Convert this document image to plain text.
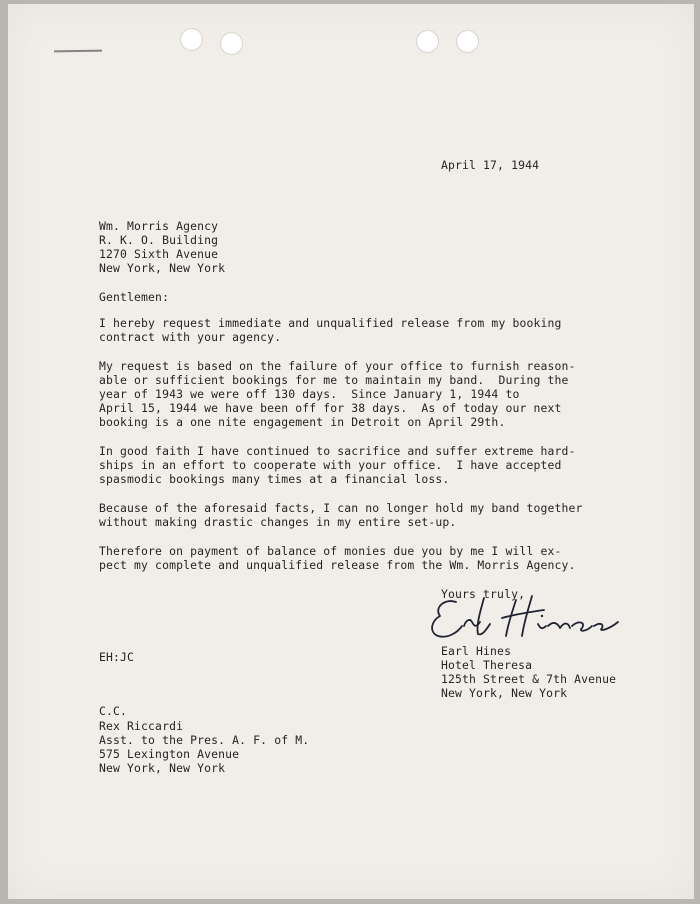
April 17, 1944

Wm. Morris Agency

R. K. O. Building

1270 Sixth Avenue

New York, New York

Gentlemen:

I hereby request immediate and unqualified release from my booking

contract with your agency.

My request is based on the failure of your office to furnish reason-

able or sufficient bookings for me to maintain my band.  During the

year of 1943 we were off 130 days.  Since January 1, 1944 to

April 15, 1944 we have been off for 38 days.  As of today our next

booking is a one nite engagement in Detroit on April 29th.

In good faith I have continued to sacrifice and suffer extreme hard-

ships in an effort to cooperate with your office.  I have accepted

spasmodic bookings many times at a financial loss.

Because of the aforesaid facts, I can no longer hold my band together

without making drastic changes in my entire set-up.

Therefore on payment of balance of monies due you by me I will ex-

pect my complete and unqualified release from the Wm. Morris Agency.

Yours truly,

EH:JC	Earl Hines

Hotel Theresa

125th Street & 7th Avenue

New York, New York

C.C.

Rex Riccardi

Asst. to the Pres. A. F. of M.

575 Lexington Avenue

New York, New York
